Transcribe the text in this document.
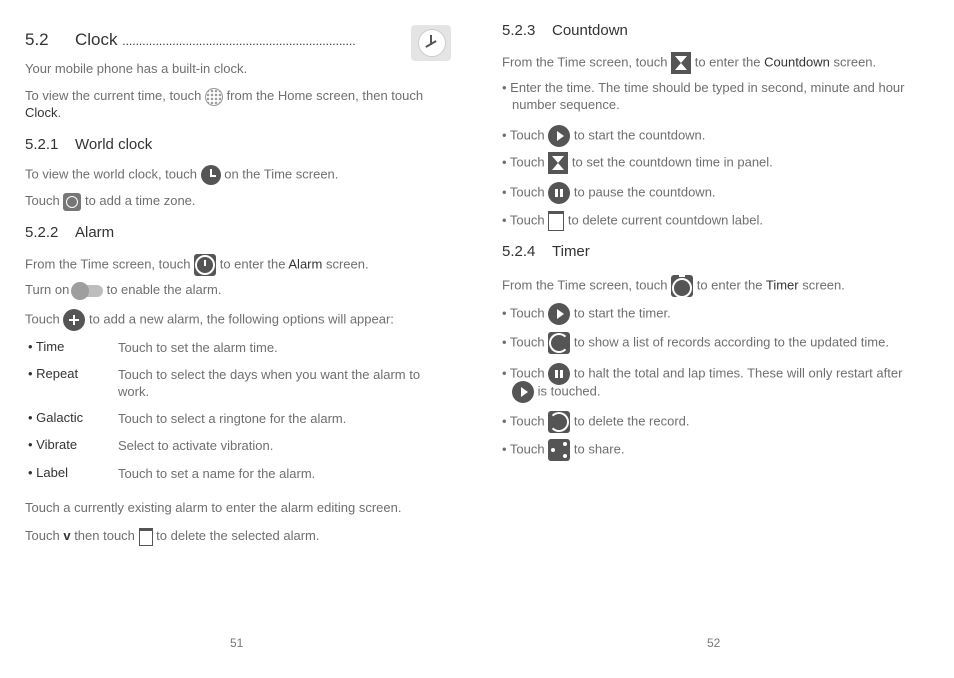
5.2 Clock ......................................................................
Your mobile phone has a built-in clock.
To view the current time, touch from the Home screen, then touch
Clock.
5.2.1 World clock
To view the world clock, touch on the Time screen.
Touch to add a time zone.
5.2.2 Alarm
From the Time screen, touch to enter the Alarm screen.
Turn on	to enable the alarm.
Touch to add a new alarm, the following options will appear:
• Time	Touch to set the alarm time.
• Repeat	Touch to select the days when you want the alarm to work.
• Galactic	Touch to select a ringtone for the alarm.
• Vibrate	Select to activate vibration.
• Label	Touch to set a name for the alarm.
Touch a currently existing alarm to enter the alarm editing screen.
Touch v then touch to delete the selected alarm.
51
5.2.3 Countdown
From the Time screen, touch to enter the Countdown screen.
• Enter the time. The time should be typed in second, minute and hour
number sequence.
• Touch to start the countdown.
• Touch to set the countdown time in panel.
• Touch to pause the countdown.
• Touch to delete current countdown label.
5.2.4 Timer
From the Time screen, touch to enter the Timer screen.
• Touch to start the timer.
• Touch to show a list of records according to the updated time.
• Touch to halt the total and lap times. These will only restart after
is touched.
• Touch to delete the record.
• Touch to share.
52
